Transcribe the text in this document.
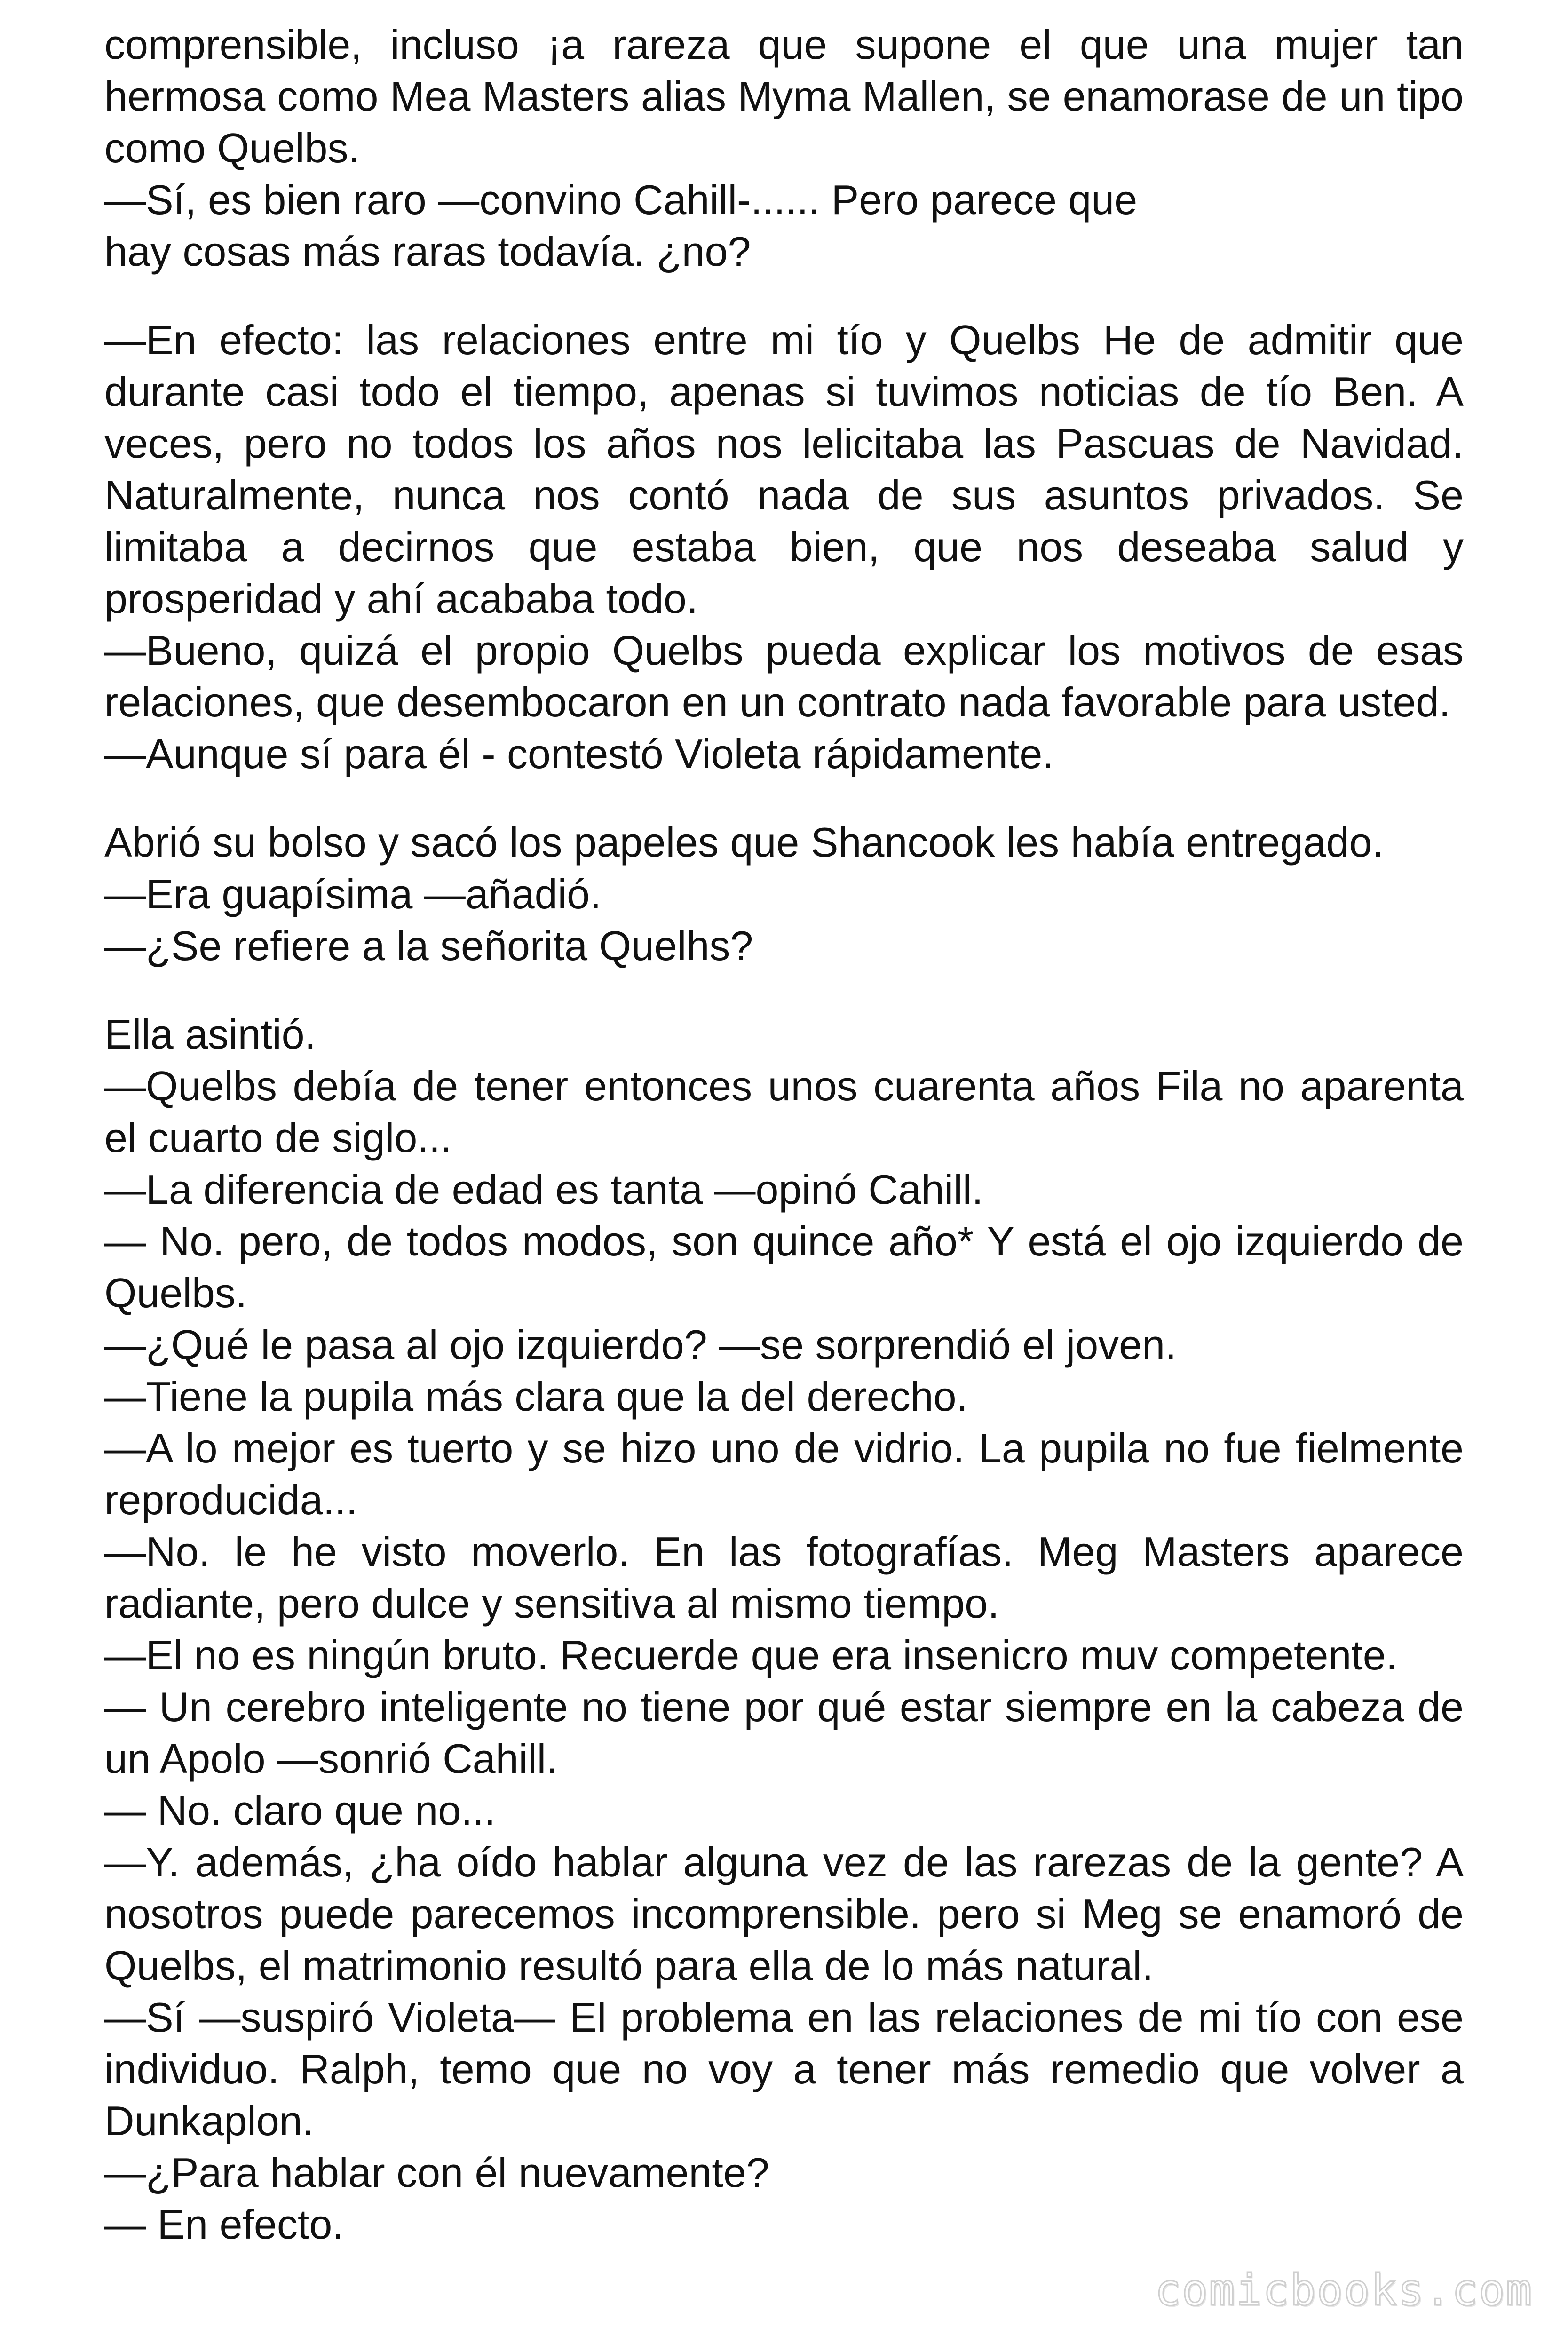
comprensible, incluso ¡a rareza que supone el que una mujer tan hermosa como Mea Masters alias Myma Mallen, se enamorase de un tipo como Quelbs.

—Sí, es bien raro —convino Cahill-...... Pero parece que
hay cosas más raras todavía. ¿no?

—En efecto: las relaciones entre mi tío y Quelbs He de admitir que durante casi todo el tiempo, apenas si tuvimos noticias de tío Ben. A veces, pero no todos los años nos lelicitaba las Pascuas de Navidad. Naturalmente, nunca nos contó nada de sus asuntos privados. Se limitaba a decirnos que estaba bien, que nos deseaba salud y prosperidad y ahí acababa todo.

—Bueno, quizá el propio Quelbs pueda explicar los motivos de esas relaciones, que desembocaron en un contrato nada favorable para usted.

—Aunque sí para él - contestó Violeta rápidamente.

Abrió su bolso y sacó los papeles que Shancook les había entregado.

—Era guapísima —añadió.

—¿Se refiere a la señorita Quelhs?

Ella asintió.

—Quelbs debía de tener entonces unos cuarenta años Fila no aparenta el cuarto de siglo...

—La diferencia de edad es tanta —opinó Cahill.

— No. pero, de todos modos, son quince año* Y está el ojo izquierdo de Quelbs.

—¿Qué le pasa al ojo izquierdo? —se sorprendió el joven.

—Tiene la pupila más clara que la del derecho.

—A lo mejor es tuerto y se hizo uno de vidrio. La pupila no fue fielmente reproducida...

—No. le he visto moverlo. En las fotografías. Meg Masters aparece radiante, pero dulce y sensitiva al mismo tiempo.

—El no es ningún bruto. Recuerde que era insenicro muv competente.

— Un cerebro inteligente no tiene por qué estar siempre en la cabeza de un Apolo —sonrió Cahill.

— No. claro que no...

—Y. además, ¿ha oído hablar alguna vez de las rarezas de la gente? A nosotros puede parecemos incomprensible. pero si Meg se enamoró de Quelbs, el matrimonio resultó para ella de lo más natural.

—Sí —suspiró Violeta— El problema en las relaciones de mi tío con ese individuo. Ralph, temo que no voy a tener más remedio que volver a Dunkaplon.

—¿Para hablar con él nuevamente?

— En efecto.

comicbooks.com
